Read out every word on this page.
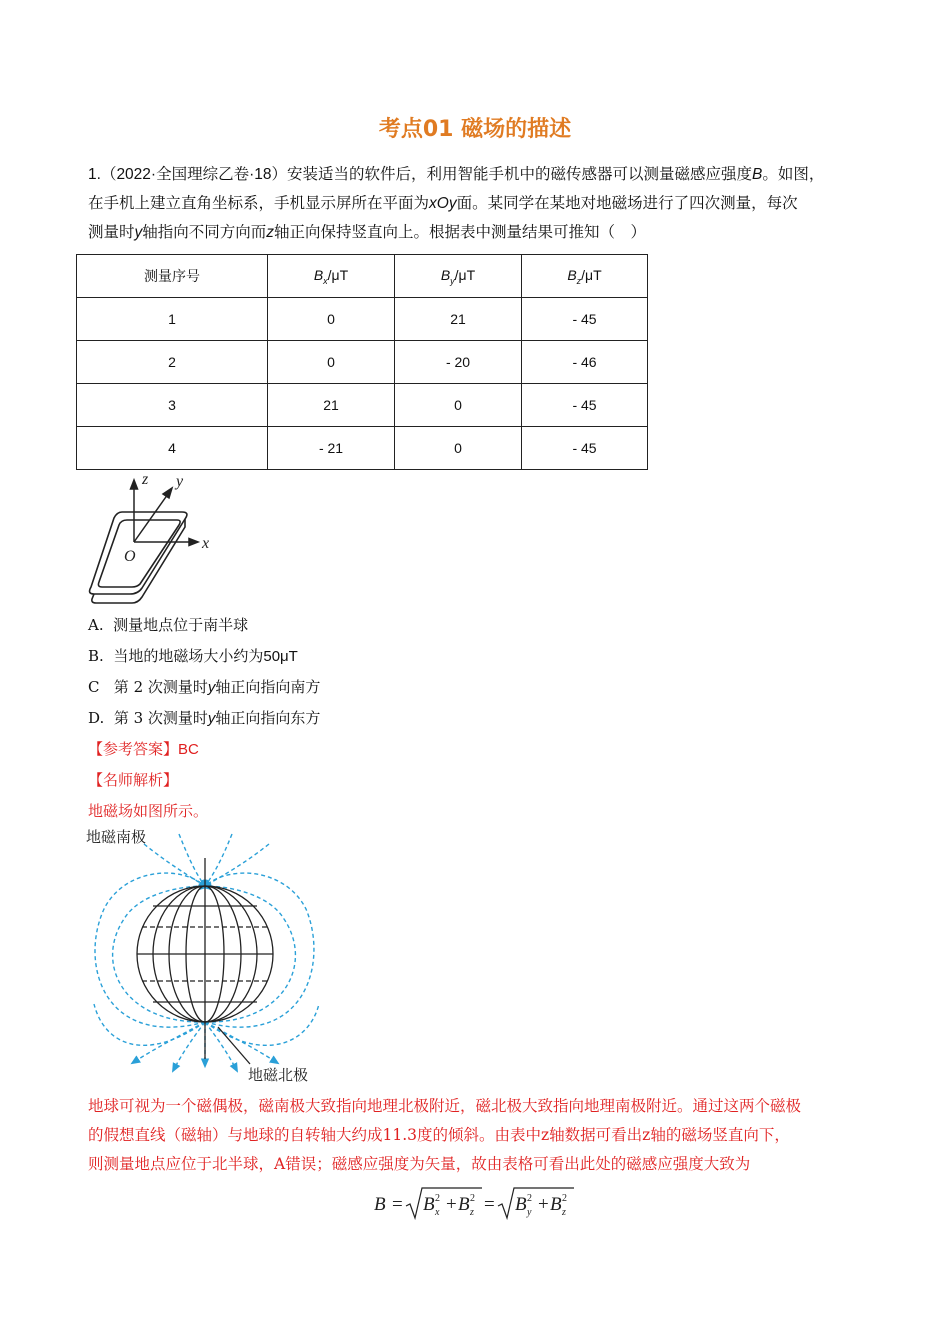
考点01 磁场的描述
1.（2022·全国理综乙卷·18）安装适当的软件后，利用智能手机中的磁传感器可以测量磁感应强度B。如图，
在手机上建立直角坐标系，手机显示屏所在平面为xOy面。某同学在某地对地磁场进行了四次测量，每次
测量时y轴指向不同方向而z轴正向保持竖直向上。根据表中测量结果可推知（　）
测量序号	$B_x/\mu T$	$B_y/\mu T$	$B_z/\mu T$
1	0	21	- 45
2	0	- 20	- 46
3	21	0	- 45
4	- 21	0	- 45
z y
x
O
A. 测量地点位于南半球
B. 当地的地磁场大小约为50μT
C 第 2 次测量时y轴正向指向南方
D. 第 3 次测量时y轴正向指向东方
【参考答案】BC
【名师解析】
地磁场如图所示。
地磁南极
地磁北极
地球可视为一个磁偶极，磁南极大致指向地理北极附近，磁北极大致指向地理南极附近。通过这两个磁极
的假想直线（磁轴）与地球的自转轴大约成11.3度的倾斜。由表中z轴数据可看出z轴的磁场竖直向下，
则测量地点应位于北半球，A错误；磁感应强度为矢量，故由表格可看出此处的磁感应强度大致为
B = B 2
x + B 2
z = B 2
y + B 2
z
